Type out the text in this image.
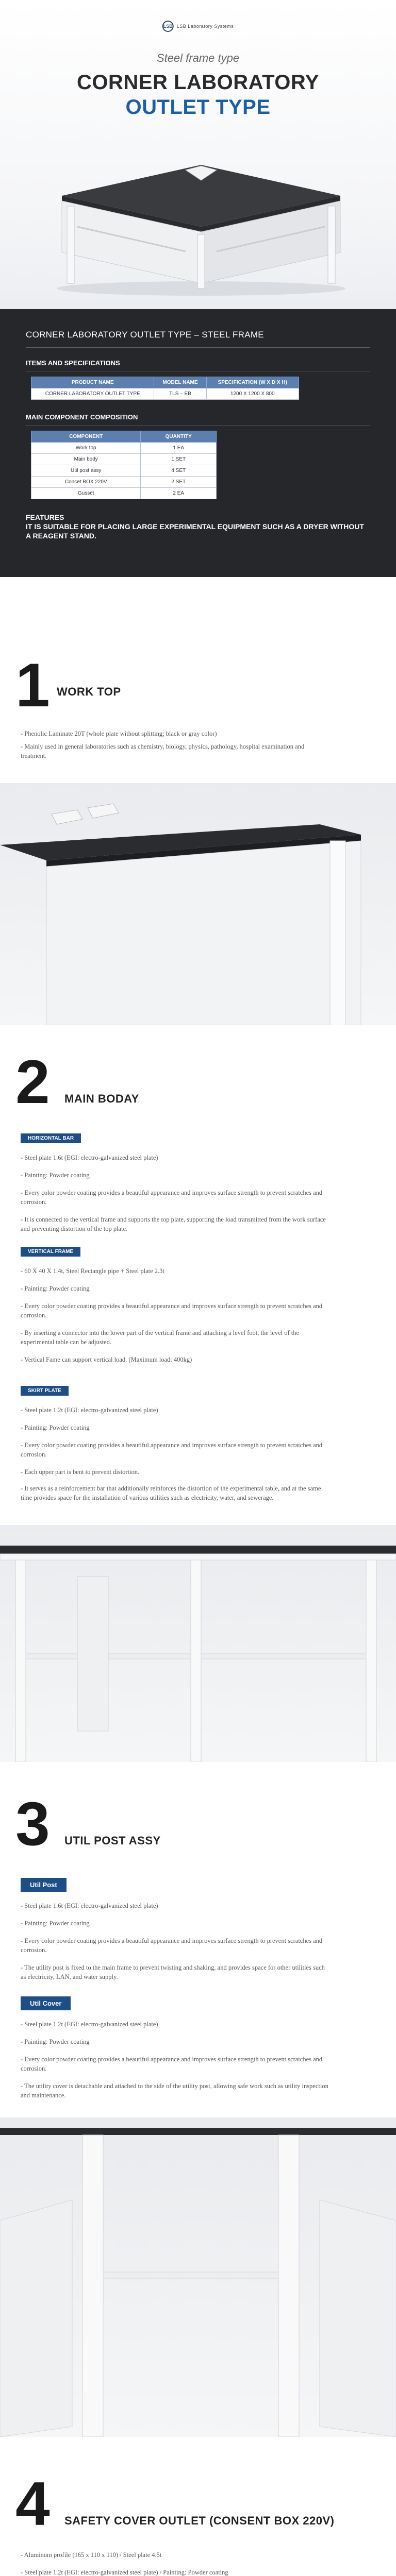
LSB LSB Laboratory Systems
Steel frame type
CORNER LABORATORY
OUTLET TYPE
CORNER LABORATORY OUTLET TYPE – STEEL FRAME
ITEMS AND SPECIFICATIONS
PRODUCT NAME	MODEL NAME	SPECIFICATION (W X D X H)
CORNER LABORATORY OUTLET TYPE	TLS – EB	1200 X 1200 X 800
MAIN COMPONENT COMPOSITION
COMPONENT	QUANTITY
Work top	1 EA
Main body	1 SET
Util post assy	4 SET
Concet BOX 220V	2 SET
Gusset	2 EA
FEATURES
IT IS SUITABLE FOR PLACING LARGE EXPERIMENTAL EQUIPMENT SUCH AS A DRYER WITHOUT A REAGENT STAND.
1 WORK TOP
- Phenolic Laminate 20T (whole plate without splitting; black or gray color)
- Mainly used in general laboratories such as chemistry, biology, physics, pathology, hospital examination and treatment.
2 MAIN BODAY
HORIZONTAL BAR
- Steel plate 1.6t (EGI: electro-galvanized steel plate)
- Painting: Powder coating
- Every color powder coating provides a beautiful appearance and improves surface strength to prevent scratches and corrosion.
- It is connected to the vertical frame and supports the top plate, supporting the load transmitted from the work surface and preventing distortion of the top plate.
VERTICAL FRAME
- 60 X 40 X 1.4t, Steel Rectangle pipe + Steel plate 2.3t
- Painting: Powder coating
- Every color powder coating provides a beautiful appearance and improves surface strength to prevent scratches and corrosion.
- By inserting a connector into the lower part of the vertical frame and attaching a level foot, the level of the experimental table can be adjusted.
- Vertical Fame can support vertical load. (Maximum load: 400kg)
SKIRT PLATE
- Steel plate 1.2t (EGI: electro-galvanized steel plate)
- Painting: Powder coating
- Every color powder coating provides a beautiful appearance and improves surface strength to prevent scratches and corrosion.
- Each upper part is bent to prevent distortion.
- It serves as a reinforcement bar that additionally reinforces the distortion of the experimental table, and at the same time provides space for the installation of various utilities such as electricity, water, and sewerage.
3 UTIL POST ASSY
Util Post
- Steel plate 1.6t (EGI: electro-galvanized steel plate)
- Painting: Powder coating
- Every color powder coating provides a beautiful appearance and improves surface strength to prevent scratches and corrosion.
- The utility post is fixed to the main frame to prevent twisting and shaking, and provides space for other utilities such as electricity, LAN, and water supply.
Util Cover
- Steel plate 1.2t (EGI: electro-galvanized steel plate)
- Painting: Powder coating
- Every color powder coating provides a beautiful appearance and improves surface strength to prevent scratches and corrosion.
- The utility cover is detachable and attached to the side of the utility post, allowing safe work such as utility inspection and maintenance.
4 SAFETY COVER OUTLET (CONSENT BOX 220V)
- Aluminum profile (165 x 110 x 110) / Steel plate 4.5t
- Steel plate 1.2t (EGI: electro-galvanized steel plate) / Painting: Powder coating
